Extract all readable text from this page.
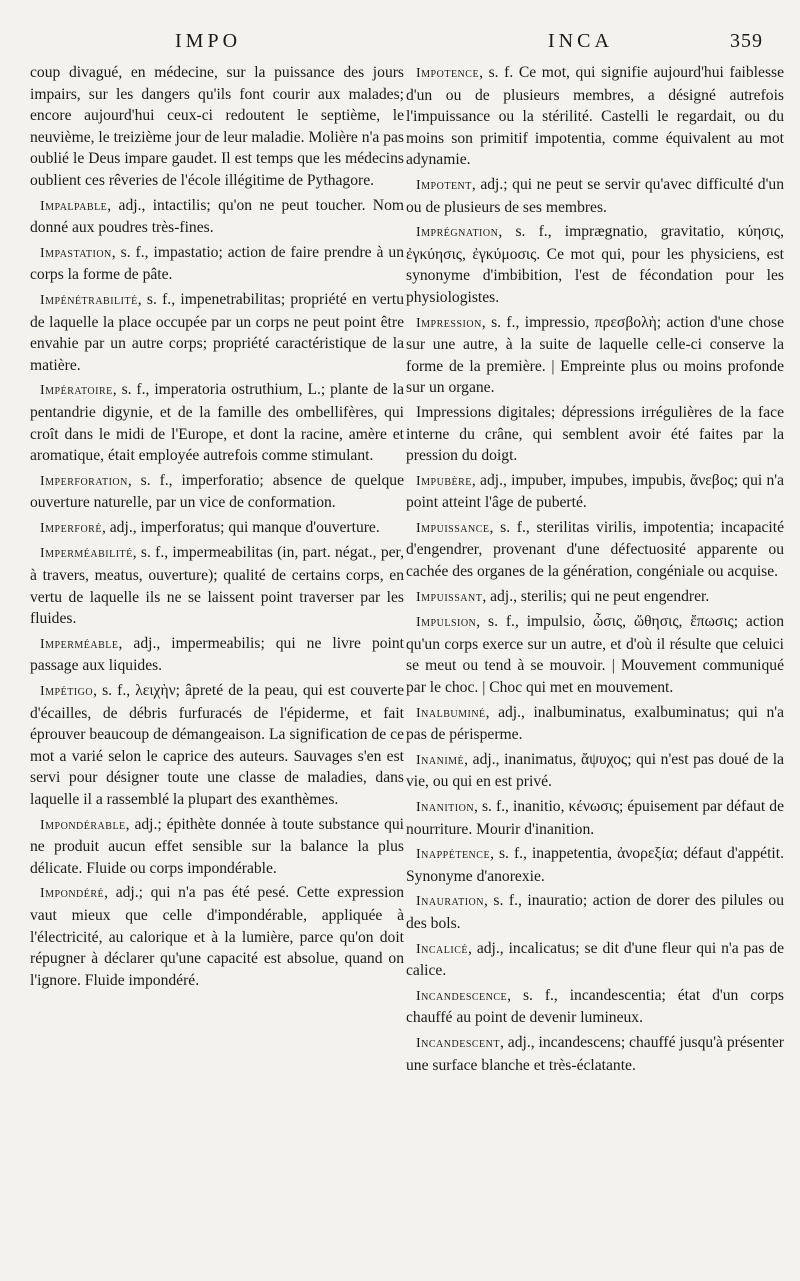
IMPO	INCA	359

coup divagué, en médecine, sur la puissance des jours impairs, sur les dangers qu'ils font courir aux malades; encore aujourd'hui ceux-ci redoutent le septième, le neuvième, le treizième jour de leur maladie. Molière n'a pas oublié le Deus impare gaudet. Il est temps que les médecins oublient ces rêveries de l'école illégitime de Pythagore.

Impalpable, adj., intactilis; qu'on ne peut toucher. Nom donné aux poudres très-fines.

Impastation, s. f., impastatio; action de faire prendre à un corps la forme de pâte.

Impénétrabilité, s. f., impenetrabilitas; propriété en vertu de laquelle la place occupée par un corps ne peut point être envahie par un autre corps; propriété caractéristique de la matière.

Impératoire, s. f., imperatoria ostruthium, L.; plante de la pentandrie digynie, et de la famille des ombellifères, qui croît dans le midi de l'Europe, et dont la racine, amère et aromatique, était employée autrefois comme stimulant.

Imperforation, s. f., imperforatio; absence de quelque ouverture naturelle, par un vice de conformation.

Imperforé, adj., imperforatus; qui manque d'ouverture.

Imperméabilité, s. f., impermeabilitas (in, part. négat., per, à travers, meatus, ouverture); qualité de certains corps, en vertu de laquelle ils ne se laissent point traverser par les fluides.

Imperméable, adj., impermeabilis; qui ne livre point passage aux liquides.

Impétigo, s. f., λειχὴν; âpreté de la peau, qui est couverte d'écailles, de débris furfuracés de l'épiderme, et fait éprouver beaucoup de démangeaison. La signification de ce mot a varié selon le caprice des auteurs. Sauvages s'en est servi pour désigner toute une classe de maladies, dans laquelle il a rassemblé la plupart des exanthèmes.

Impondérable, adj.; épithète donnée à toute substance qui ne produit aucun effet sensible sur la balance la plus délicate. Fluide ou corps impondérable.

Impondéré, adj.; qui n'a pas été pesé. Cette expression vaut mieux que celle d'impondérable, appliquée à l'électricité, au calorique et à la lumière, parce qu'on doit répugner à déclarer qu'une capacité est absolue, quand on l'ignore. Fluide impondéré.

Impotence, s. f. Ce mot, qui signifie aujourd'hui faiblesse d'un ou de plusieurs membres, a désigné autrefois l'impuissance ou la stérilité. Castelli le regardait, ou du moins son primitif impotentia, comme équivalent au mot adynamie.

Impotent, adj.; qui ne peut se servir qu'avec difficulté d'un ou de plusieurs de ses membres.

Imprégnation, s. f., imprægnatio, gravitatio, κύησις, ἐγκύησις, ἐγκύμοσις. Ce mot qui, pour les physiciens, est synonyme d'imbibition, l'est de fécondation pour les physiologistes.

Impression, s. f., impressio, πρεσβολὴ; action d'une chose sur une autre, à la suite de laquelle celle-ci conserve la forme de la première. | Empreinte plus ou moins profonde sur un organe.

Impressions digitales; dépressions irrégulières de la face interne du crâne, qui semblent avoir été faites par la pression du doigt.

Impubère, adj., impuber, impubes, impubis, ἄνεβος; qui n'a point atteint l'âge de puberté.

Impuissance, s. f., sterilitas virilis, impotentia; incapacité d'engendrer, provenant d'une défectuosité apparente ou cachée des organes de la génération, congéniale ou acquise.

Impuissant, adj., sterilis; qui ne peut engendrer.

Impulsion, s. f., impulsio, ὦσις, ὤθησις, ἔπωσις; action qu'un corps exerce sur un autre, et d'où il résulte que celuici se meut ou tend à se mouvoir. | Mouvement communiqué par le choc. | Choc qui met en mouvement.

Inalbuminé, adj., inalbuminatus, exalbuminatus; qui n'a pas de périsperme.

Inanimé, adj., inanimatus, ἄψυχος; qui n'est pas doué de la vie, ou qui en est privé.

Inanition, s. f., inanitio, κένωσις; épuisement par défaut de nourriture. Mourir d'inanition.

Inappétence, s. f., inappetentia, ἀνορεξία; défaut d'appétit. Synonyme d'anorexie.

Inauration, s. f., inauratio; action de dorer des pilules ou des bols.

Incalicé, adj., incalicatus; se dit d'une fleur qui n'a pas de calice.

Incandescence, s. f., incandescentia; état d'un corps chauffé au point de devenir lumineux.

Incandescent, adj., incandescens; chauffé jusqu'à présenter une surface blanche et très-éclatante.
